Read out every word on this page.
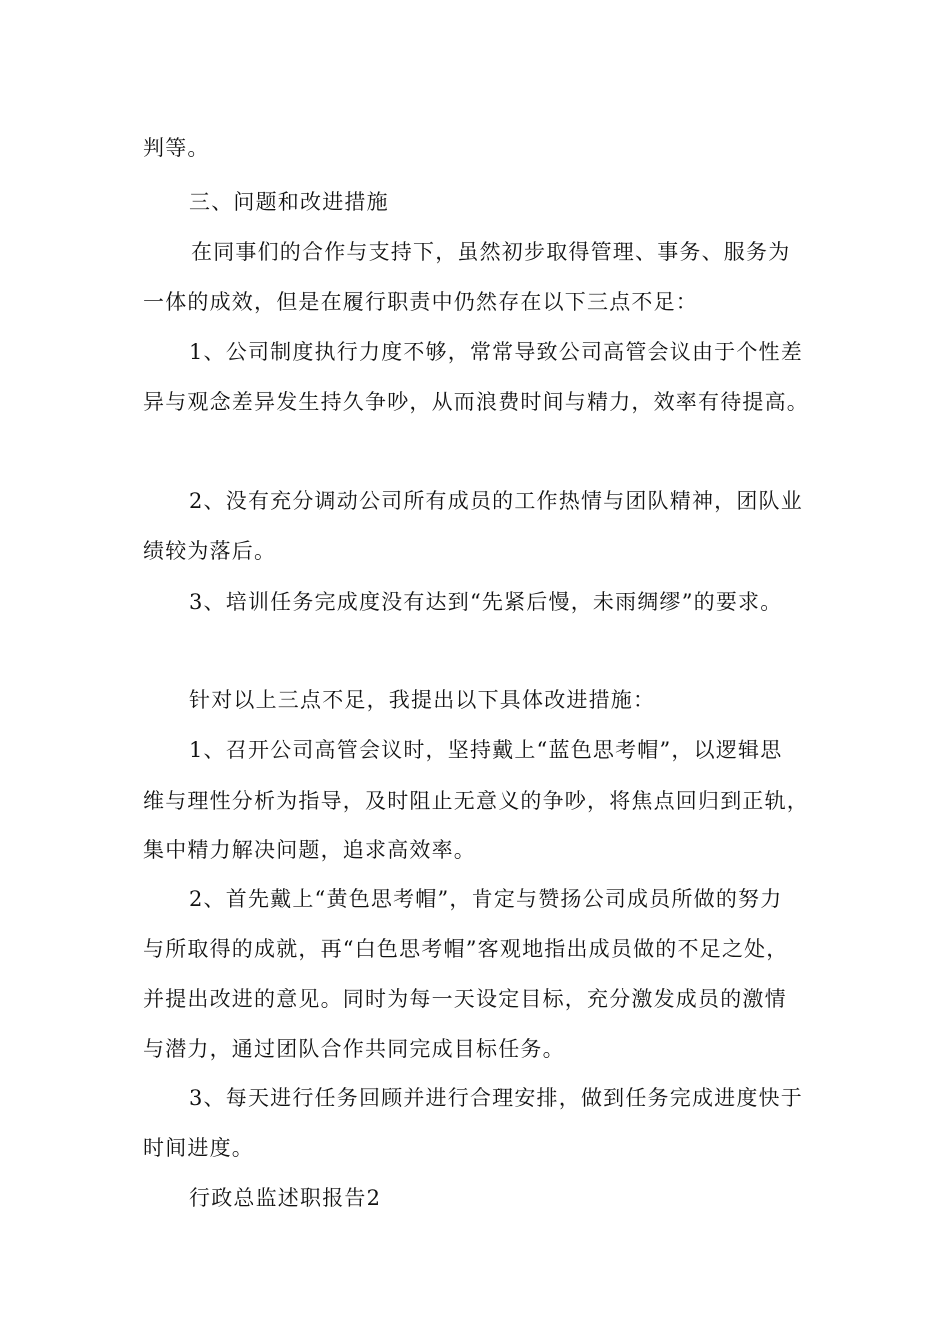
判等。
三、问题和改进措施
在同事们的合作与支持下，虽然初步取得管理、事务、服务为
一体的成效，但是在履行职责中仍然存在以下三点不足：
1、公司制度执行力度不够，常常导致公司高管会议由于个性差
异与观念差异发生持久争吵，从而浪费时间与精力，效率有待提高。
2、没有充分调动公司所有成员的工作热情与团队精神，团队业
绩较为落后。
3、培训任务完成度没有达到“先紧后慢，未雨绸缪”的要求。
针对以上三点不足，我提出以下具体改进措施：
1、召开公司高管会议时，坚持戴上“蓝色思考帽”，以逻辑思
维与理性分析为指导，及时阻止无意义的争吵，将焦点回归到正轨，
集中精力解决问题，追求高效率。
2、首先戴上“黄色思考帽”，肯定与赞扬公司成员所做的努力
与所取得的成就，再“白色思考帽”客观地指出成员做的不足之处，
并提出改进的意见。同时为每一天设定目标，充分激发成员的激情
与潜力，通过团队合作共同完成目标任务。
3、每天进行任务回顾并进行合理安排，做到任务完成进度快于
时间进度。
行政总监述职报告2
